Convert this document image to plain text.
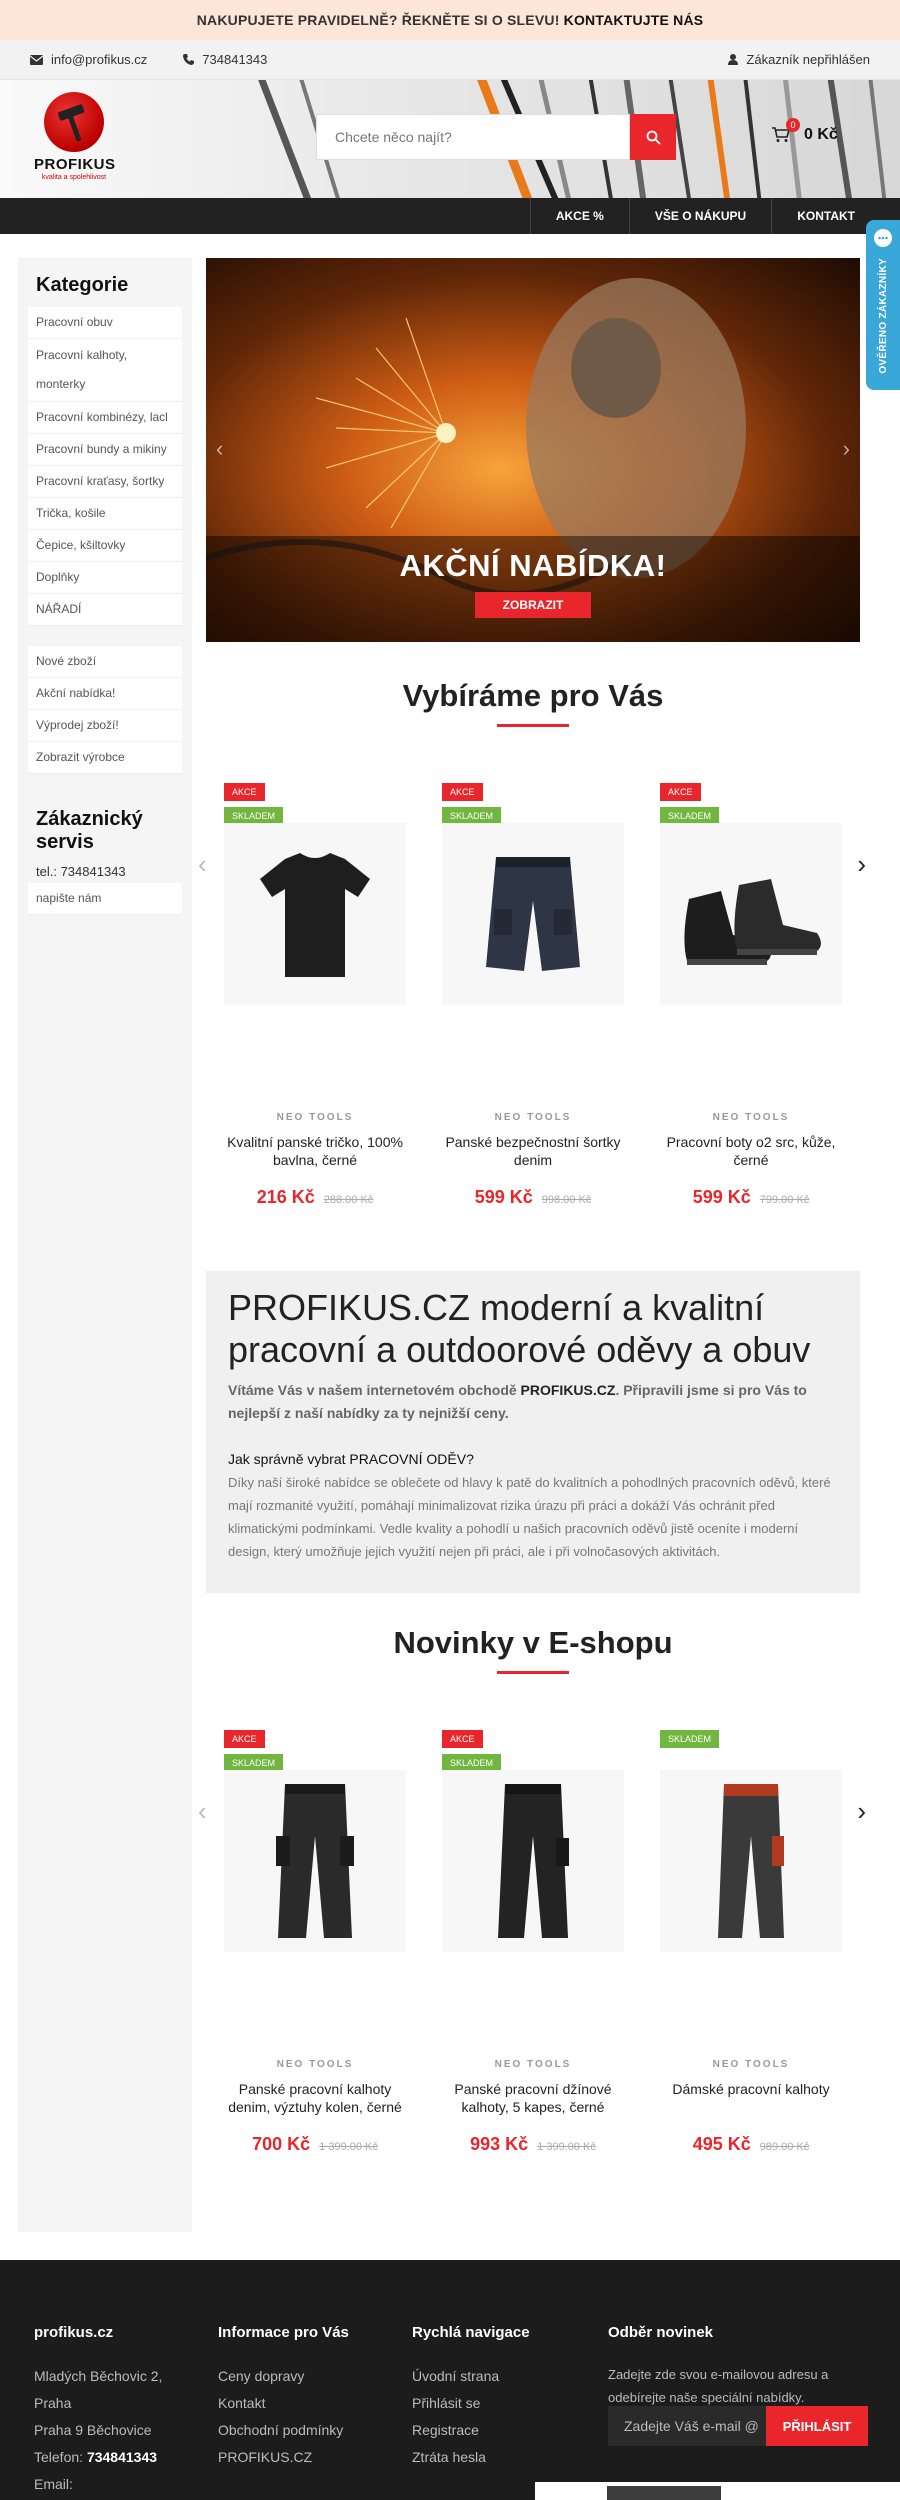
NAKUPUJETE PRAVIDELNĚ? ŘEKNĚTE SI O SLEVU!
KONTAKTUJTE NÁS
info@profikus.cz	734841343	Zákazník nepřihlášen
PROFIKUS
kvalita a spolehlivost
Chcete něco najít?
0
0 Kč
AKCE %	VŠE O NÁKUPU	KONTAKT
OVĚŘENO ZÁKAZNÍKY
Kategorie
Pracovní obuv
Pracovní kalhoty, monterky
Pracovní kombinézy, lacl
Pracovní bundy a mikiny
Pracovní kraťasy, šortky
Trička, košile
Čepice, kšiltovky
Doplňky
NÁŘADÍ
Nové zboží
Akční nabídka!
Výprodej zboží!
Zobrazit výrobce
Zákaznický servis
tel.: 734841343
napište nám
AKČNÍ NABÍDKA!
ZOBRAZIT
‹	›
Vybíráme pro Vás
‹
AKCE
SKLADEM
NEO TOOLS
Kvalitní panské tričko, 100% bavlna, černé
216 Kč 288.00 Kč
AKCE
SKLADEM
NEO TOOLS
Panské bezpečnostní šortky denim
599 Kč 998.00 Kč
AKCE
SKLADEM
NEO TOOLS
Pracovní boty o2 src, kůže, černé
599 Kč 799.00 Kč
›
PROFIKUS.CZ moderní a kvalitní pracovní a outdoorové oděvy a obuv
Vítáme Vás v našem internetovém obchodě PROFIKUS.CZ. Připravili jsme si pro Vás to nejlepší z naší nabídky za ty nejnižší ceny.
Jak správně vybrat PRACOVNÍ ODĚV?

Díky naší široké nabídce se oblečete od hlavy k patě do kvalitních a pohodlných pracovních oděvů, které mají rozmanité využití, pomáhají minimalizovat rizika úrazu při práci a dokáží Vás ochránit před klimatickými podmínkami. Vedle kvality a pohodlí u našich pracovních oděvů jistě oceníte i moderní design, který umožňuje jejich využití nejen při práci, ale i při volnočasových aktivitách.

Novinky v E-shopu
‹
AKCE
SKLADEM
NEO TOOLS
Panské pracovní kalhoty denim, výztuhy kolen, černé
700 Kč 1 399.00 Kč
AKCE
SKLADEM
NEO TOOLS
Panské pracovní džínové kalhoty, 5 kapes, černé
993 Kč 1 399.00 Kč
SKLADEM
NEO TOOLS
Dámské pracovní kalhoty
495 Kč 989.00 Kč
›
profikus.cz
Mladých Běchovic 2,
Praha
Praha 9 Běchovice
Telefon: 734841343
Email:
Informace pro Vás
Ceny dopravy
Kontakt
Obchodní podmínky
PROFIKUS.CZ
Rychlá navigace
Úvodní strana
Přihlásit se
Registrace
Ztráta hesla
Odběr novinek
Zadejte zde svou e-mailovou adresu a odebírejte naše speciální nabídky.
Zadejte Váš e-mail @	PŘIHLÁSIT
